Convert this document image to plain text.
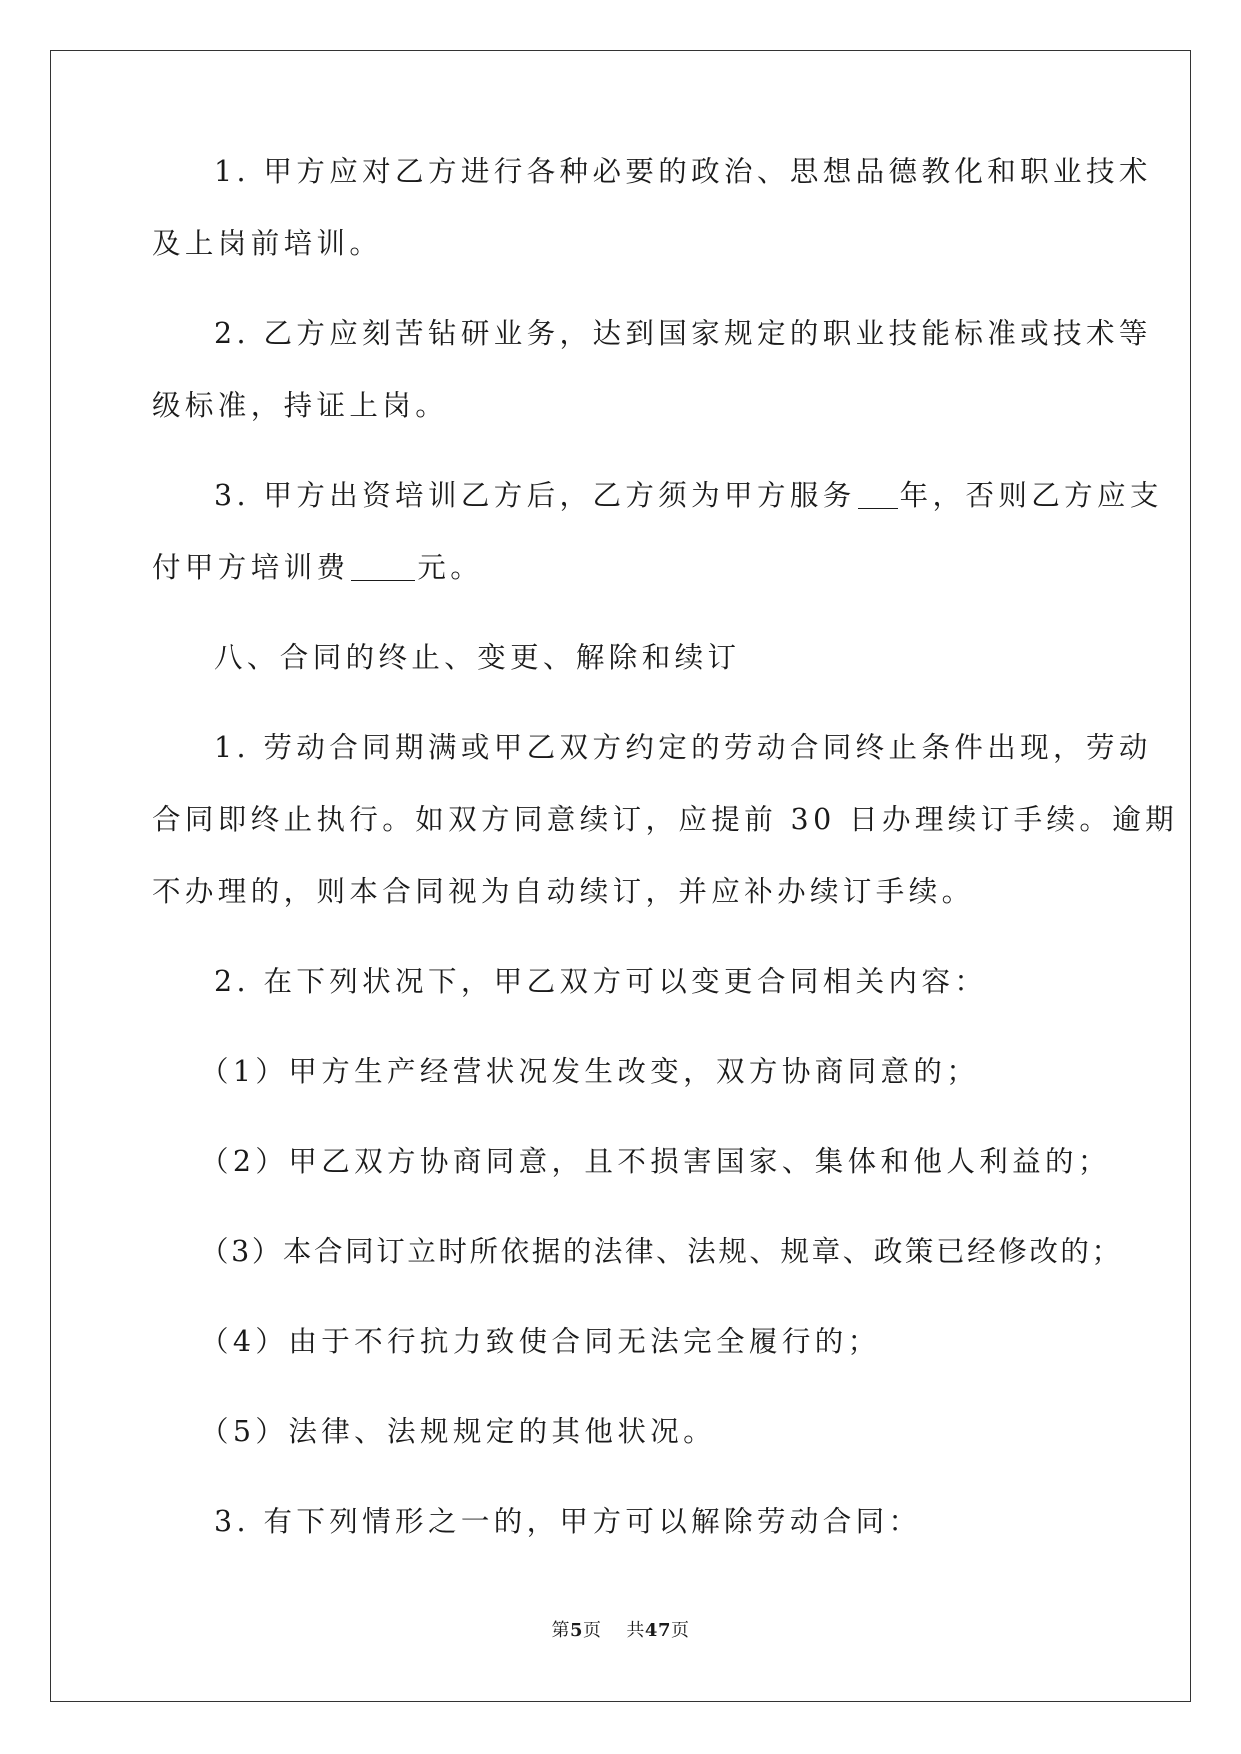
1. 甲方应对乙方进行各种必要的政治、思想品德教化和职业技术
及上岗前培训。
2. 乙方应刻苦钻研业务，达到国家规定的职业技能标准或技术等
级标准，持证上岗。
3. 甲方出资培训乙方后，乙方须为甲方服务 年，否则乙方应支
付甲方培训费 元。
八、合同的终止、变更、解除和续订
1. 劳动合同期满或甲乙双方约定的劳动合同终止条件出现，劳动
合同即终止执行。如双方同意续订，应提前 30 日办理续订手续。逾期
不办理的，则本合同视为自动续订，并应补办续订手续。
2. 在下列状况下，甲乙双方可以变更合同相关内容：
（1）甲方生产经营状况发生改变，双方协商同意的；
（2）甲乙双方协商同意，且不损害国家、集体和他人利益的；
（3）本合同订立时所依据的法律、法规、规章、政策已经修改的；
（4）由于不行抗力致使合同无法完全履行的；
（5）法律、法规规定的其他状况。
3. 有下列情形之一的，甲方可以解除劳动合同：
第5页 共47页
